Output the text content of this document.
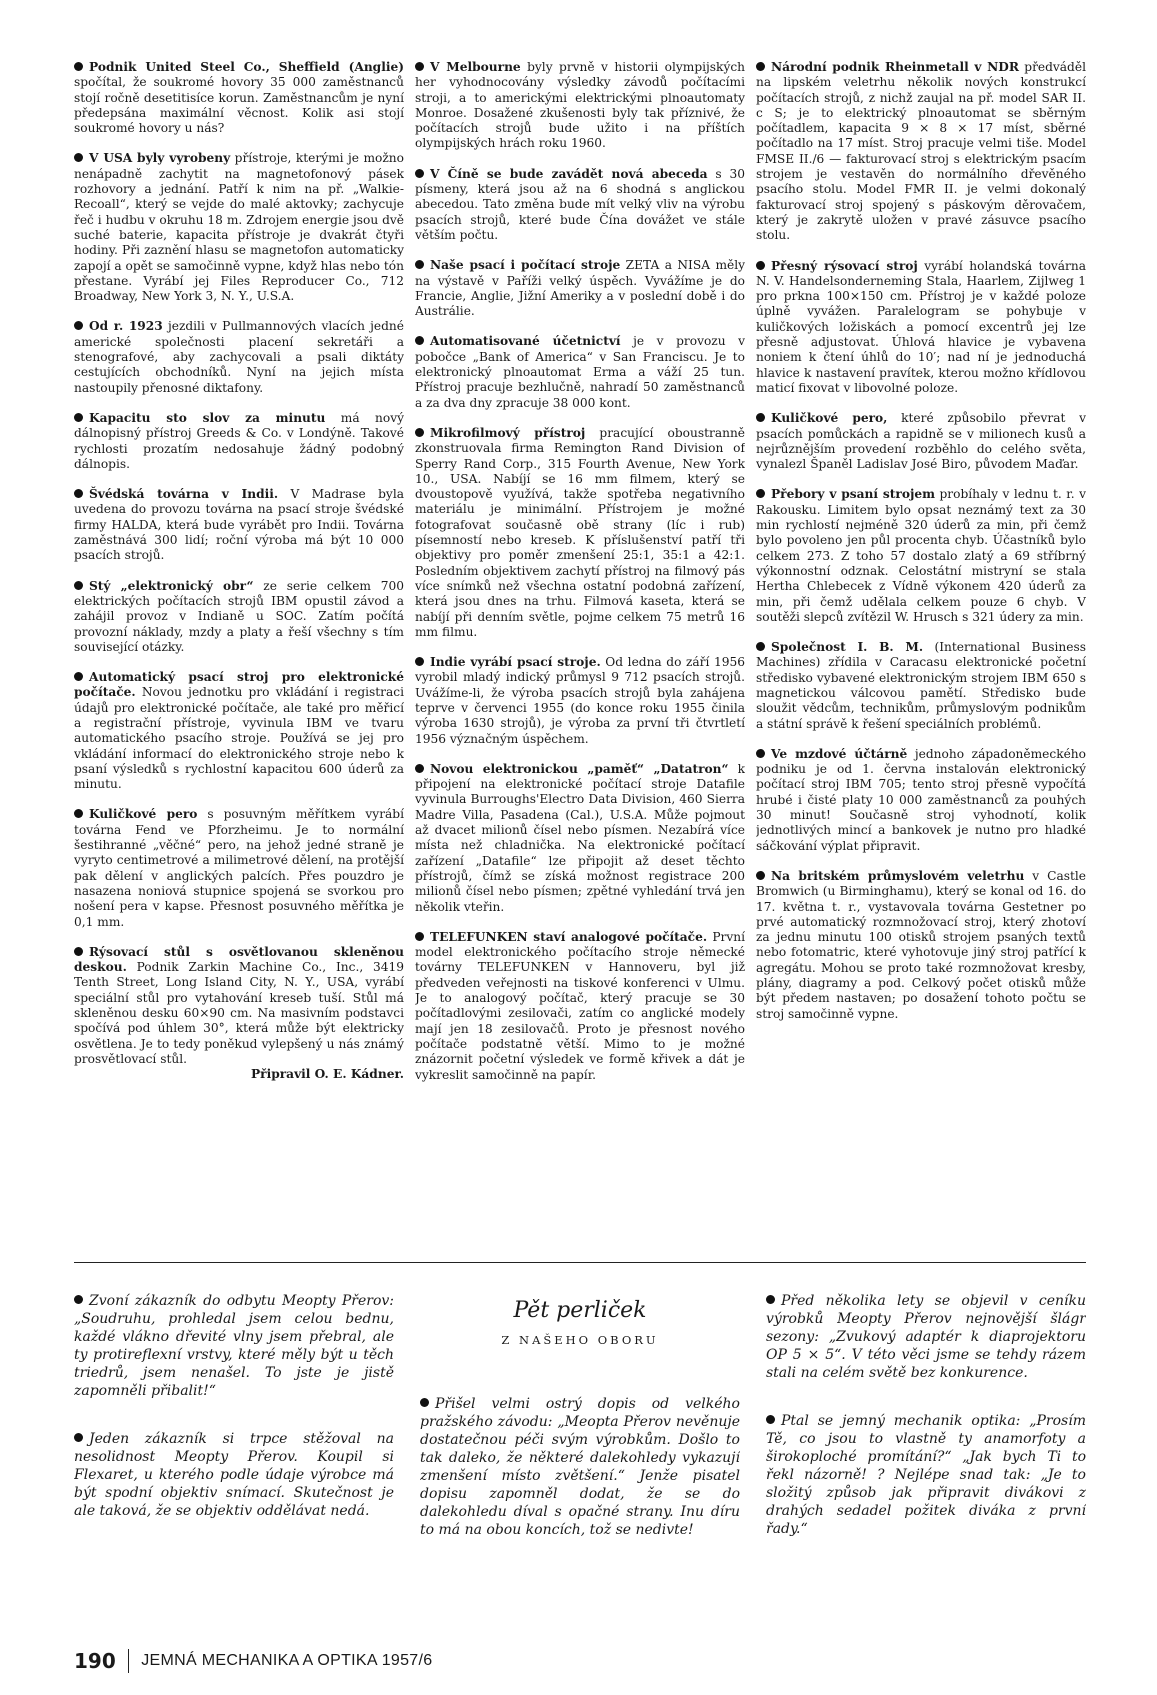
Podnik United Steel Co., Sheffield (Anglie) spočítal, že soukromé hovory 35 000 zaměstnanců stojí ročně desetitisíce korun. Zaměstnancům je nyní předepsána maximální věcnost. Kolik asi stojí soukromé hovory u nás?
V USA byly vyrobeny přístroje, kterými je možno nenápadně zachytit na magnetofonový pásek rozhovory a jednání. Patří k nim na př. „Walkie-Recoall“, který se vejde do malé aktovky; zachycuje řeč i hudbu v okruhu 18 m. Zdrojem energie jsou dvě suché baterie, kapacita přístroje je dvakrát čtyři hodiny. Při zaznění hlasu se magnetofon automaticky zapojí a opět se samočinně vypne, když hlas nebo tón přestane. Vyrábí jej Files Reproducer Co., 712 Broadway, New York 3, N. Y., U.S.A.
Od r. 1923 jezdili v Pullmannových vlacích jedné americké společnosti placení sekretáři a stenografové, aby zachycovali a psali diktáty cestujících obchodníků. Nyní na jejich místa nastoupily přenosné diktafony.
Kapacitu sto slov za minutu má nový dálnopisný přístroj Greeds & Co. v Londýně. Takové rychlosti prozatím nedosahuje žádný podobný dálnopis.
Švédská továrna v Indii. V Madrase byla uvedena do provozu továrna na psací stroje švédské firmy HALDA, která bude vyrábět pro Indii. Továrna zaměstnává 300 lidí; roční výroba má být 10 000 psacích strojů.
Stý „elektronický obr“ ze serie celkem 700 elektrických počítacích strojů IBM opustil závod a zahájil provoz v Indianě u SOC. Zatím počítá provozní náklady, mzdy a platy a řeší všechny s tím související otázky.
Automatický psací stroj pro elektronické počítače. Novou jednotku pro vkládání i registraci údajů pro elektronické počítače, ale také pro měřicí a registrační přístroje, vyvinula IBM ve tvaru automatického psacího stroje. Používá se jej pro vkládání informací do elektronického stroje nebo k psaní výsledků s rychlostní kapacitou 600 úderů za minutu.
Kuličkové pero s posuvným měřítkem vyrábí továrna Fend ve Pforzheimu. Je to normální šestihranné „věčné“ pero, na jehož jedné straně je vyryto centimetrové a milimetrové dělení, na protější pak dělení v anglických palcích. Přes pouzdro je nasazena noniová stupnice spojená se svorkou pro nošení pera v kapse. Přesnost posuvného měřítka je 0,1 mm.
Rýsovací stůl s osvětlovanou skleněnou deskou. Podnik Zarkin Machine Co., Inc., 3419 Tenth Street, Long Island City, N. Y., USA, vyrábí speciální stůl pro vytahování kreseb tuší. Stůl má skleněnou desku 60×90 cm. Na masivním podstavci spočívá pod úhlem 30°, která může být elektricky osvětlena. Je to tedy poněkud vylepšený u nás známý prosvětlovací stůl.
Připravil O. E. Kádner.
V Melbourne byly prvně v historii olympijských her vyhodnocovány výsledky závodů počítacími stroji, a to americkými elektrickými plnoautomaty Monroe. Dosažené zkušenosti byly tak příznivé, že počítacích strojů bude užito i na příštích olympijských hrách roku 1960.
V Číně se bude zavádět nová abeceda s 30 písmeny, která jsou až na 6 shodná s anglickou abecedou. Tato změna bude mít velký vliv na výrobu psacích strojů, které bude Čína dovážet ve stále větším počtu.
Naše psací i počítací stroje ZETA a NISA měly na výstavě v Paříži velký úspěch. Vyvážíme je do Francie, Anglie, Jižní Ameriky a v poslední době i do Austrálie.
Automatisované účetnictví je v provozu v pobočce „Bank of America“ v San Franciscu. Je to elektronický plnoautomat Erma a váží 25 tun. Přístroj pracuje bezhlučně, nahradí 50 zaměstnanců a za dva dny zpracuje 38 000 kont.
Mikrofilmový přístroj pracující oboustranně zkonstruovala firma Remington Rand Division of Sperry Rand Corp., 315 Fourth Avenue, New York 10., USA. Nabíjí se 16 mm filmem, který se dvoustopově využívá, takže spotřeba negativního materiálu je minimální. Přístrojem je možné fotografovat současně obě strany (líc i rub) písemností nebo kreseb. K příslušenství patří tři objektivy pro poměr zmenšení 25:1, 35:1 a 42:1. Posledním objektivem zachytí přístroj na filmový pás více snímků než všechna ostatní podobná zařízení, která jsou dnes na trhu. Filmová kaseta, která se nabíjí při denním světle, pojme celkem 75 metrů 16 mm filmu.
Indie vyrábí psací stroje. Od ledna do září 1956 vyrobil mladý indický průmysl 9 712 psacích strojů. Uvážíme-li, že výroba psacích strojů byla zahájena teprve v červenci 1955 (do konce roku 1955 činila výroba 1630 strojů), je výroba za první tři čtvrtletí 1956 význačným úspěchem.
Novou elektronickou „paměť“ „Datatron“ k připojení na elektronické počítací stroje Datafile vyvinula Burroughs'Electro Data Division, 460 Sierra Madre Villa, Pasadena (Cal.), U.S.A. Může pojmout až dvacet milionů čísel nebo písmen. Nezabírá více místa než chladnička. Na elektronické počítací zařízení „Datafile“ lze připojit až deset těchto přístrojů, čímž se získá možnost registrace 200 milionů čísel nebo písmen; zpětné vyhledání trvá jen několik vteřin.
TELEFUNKEN staví analogové počítače. První model elektronického počítacího stroje německé továrny TELEFUNKEN v Hannoveru, byl již předveden veřejnosti na tiskové konferenci v Ulmu. Je to analogový počítač, který pracuje se 30 počítadlovými zesilovači, zatím co anglické modely mají jen 18 zesilovačů. Proto je přesnost nového počítače podstatně větší. Mimo to je možné znázornit početní výsledek ve formě křivek a dát je vykreslit samočinně na papír.
Národní podnik Rheinmetall v NDR předváděl na lipském veletrhu několik nových konstrukcí počítacích strojů, z nichž zaujal na př. model SAR II. c S; je to elektrický plnoautomat se sběrným počítadlem, kapacita 9 × 8 × 17 míst, sběrné počítadlo na 17 míst. Stroj pracuje velmi tiše. Model FMSE II./6 — fakturovací stroj s elektrickým psacím strojem je vestavěn do normálního dřevěného psacího stolu. Model FMR II. je velmi dokonalý fakturovací stroj spojený s páskovým děrovačem, který je zakrytě uložen v pravé zásuvce psacího stolu.
Přesný rýsovací stroj vyrábí holandská továrna N. V. Handelsonderneming Stala, Haarlem, Zijlweg 1 pro prkna 100×150 cm. Přístroj je v každé poloze úplně vyvážen. Paralelogram se pohybuje v kuličkových ložiskách a pomocí excentrů jej lze přesně adjustovat. Úhlová hlavice je vybavena noniem k čtení úhlů do 10′; nad ní je jednoduchá hlavice k nastavení pravítek, kterou možno křídlovou maticí fixovat v libovolné poloze.
Kuličkové pero, které způsobilo převrat v psacích pomůckách a rapidně se v milionech kusů a nejrůznějším provedení rozběhlo do celého světa, vynalezl Španěl Ladislav José Biro, původem Maďar.
Přebory v psaní strojem probíhaly v lednu t. r. v Rakousku. Limitem bylo opsat neznámý text za 30 min rychlostí nejméně 320 úderů za min, při čemž bylo povoleno jen půl procenta chyb. Účastníků bylo celkem 273. Z toho 57 dostalo zlatý a 69 stříbrný výkonnostní odznak. Celostátní mistryní se stala Hertha Chlebecek z Vídně výkonem 420 úderů za min, při čemž udělala celkem pouze 6 chyb. V soutěži slepců zvítězil W. Hrusch s 321 údery za min.
Společnost I. B. M. (International Business Machines) zřídila v Caracasu elektronické početní středisko vybavené elektronickým strojem IBM 650 s magnetickou válcovou pamětí. Středisko bude sloužit vědcům, technikům, průmyslovým podnikům a státní správě k řešení speciálních problémů.
Ve mzdové účtárně jednoho západoněmeckého podniku je od 1. června instalován elektronický počítací stroj IBM 705; tento stroj přesně vypočítá hrubé i čisté platy 10 000 zaměstnanců za pouhých 30 minut! Současně stroj vyhodnotí, kolik jednotlivých mincí a bankovek je nutno pro hladké sáčkování výplat připravit.
Na britském průmyslovém veletrhu v Castle Bromwich (u Birminghamu), který se konal od 16. do 17. května t. r., vystavovala továrna Gestetner po prvé automatický rozmnožovací stroj, který zhotoví za jednu minutu 100 otisků strojem psaných textů nebo fotomatric, které vyhotovuje jiný stroj patřící k agregátu. Mohou se proto také rozmnožovat kresby, plány, diagramy a pod. Celkový počet otisků může být předem nastaven; po dosažení tohoto počtu se stroj samočinně vypne.
Zvoní zákazník do odbytu Meopty Přerov: „Soudruhu, prohledal jsem celou bednu, každé vlákno dřevité vlny jsem přebral, ale ty protireflexní vrstvy, které měly být u těch triedrů, jsem nenašel. To jste je jistě zapomněli přibalit!“
Jeden zákazník si trpce stěžoval na nesolidnost Meopty Přerov. Koupil si Flexaret, u kterého podle údaje výrobce má být spodní objektiv snímací. Skutečnost je ale taková, že se objektiv oddělávat nedá.
Pět perliček
Z NAŠEHO OBORU
Přišel velmi ostrý dopis od velkého pražského závodu: „Meopta Přerov nevěnuje dostatečnou péči svým výrobkům. Došlo to tak daleko, že některé dalekohledy vykazují zmenšení místo zvětšení.“ Jenže pisatel dopisu zapomněl dodat, že se do dalekohledu díval s opačné strany. Inu díru to má na obou koncích, tož se nedivte!
Před několika lety se objevil v ceníku výrobků Meopty Přerov nejnovější šlágr sezony: „Zvukový adaptér k diaprojektoru OP 5 × 5“. V této věci jsme se tehdy rázem stali na celém světě bez konkurence.
Ptal se jemný mechanik optika: „Prosím Tě, co jsou to vlastně ty anamorfoty a širokoploché promítání?“ „Jak bych Ti to řekl názorně! ? Nejlépe snad tak: „Je to složitý způsob jak připravit divákovi z drahých sedadel požitek diváka z první řady.“
190 JEMNÁ MECHANIKA A OPTIKA 1957/6
